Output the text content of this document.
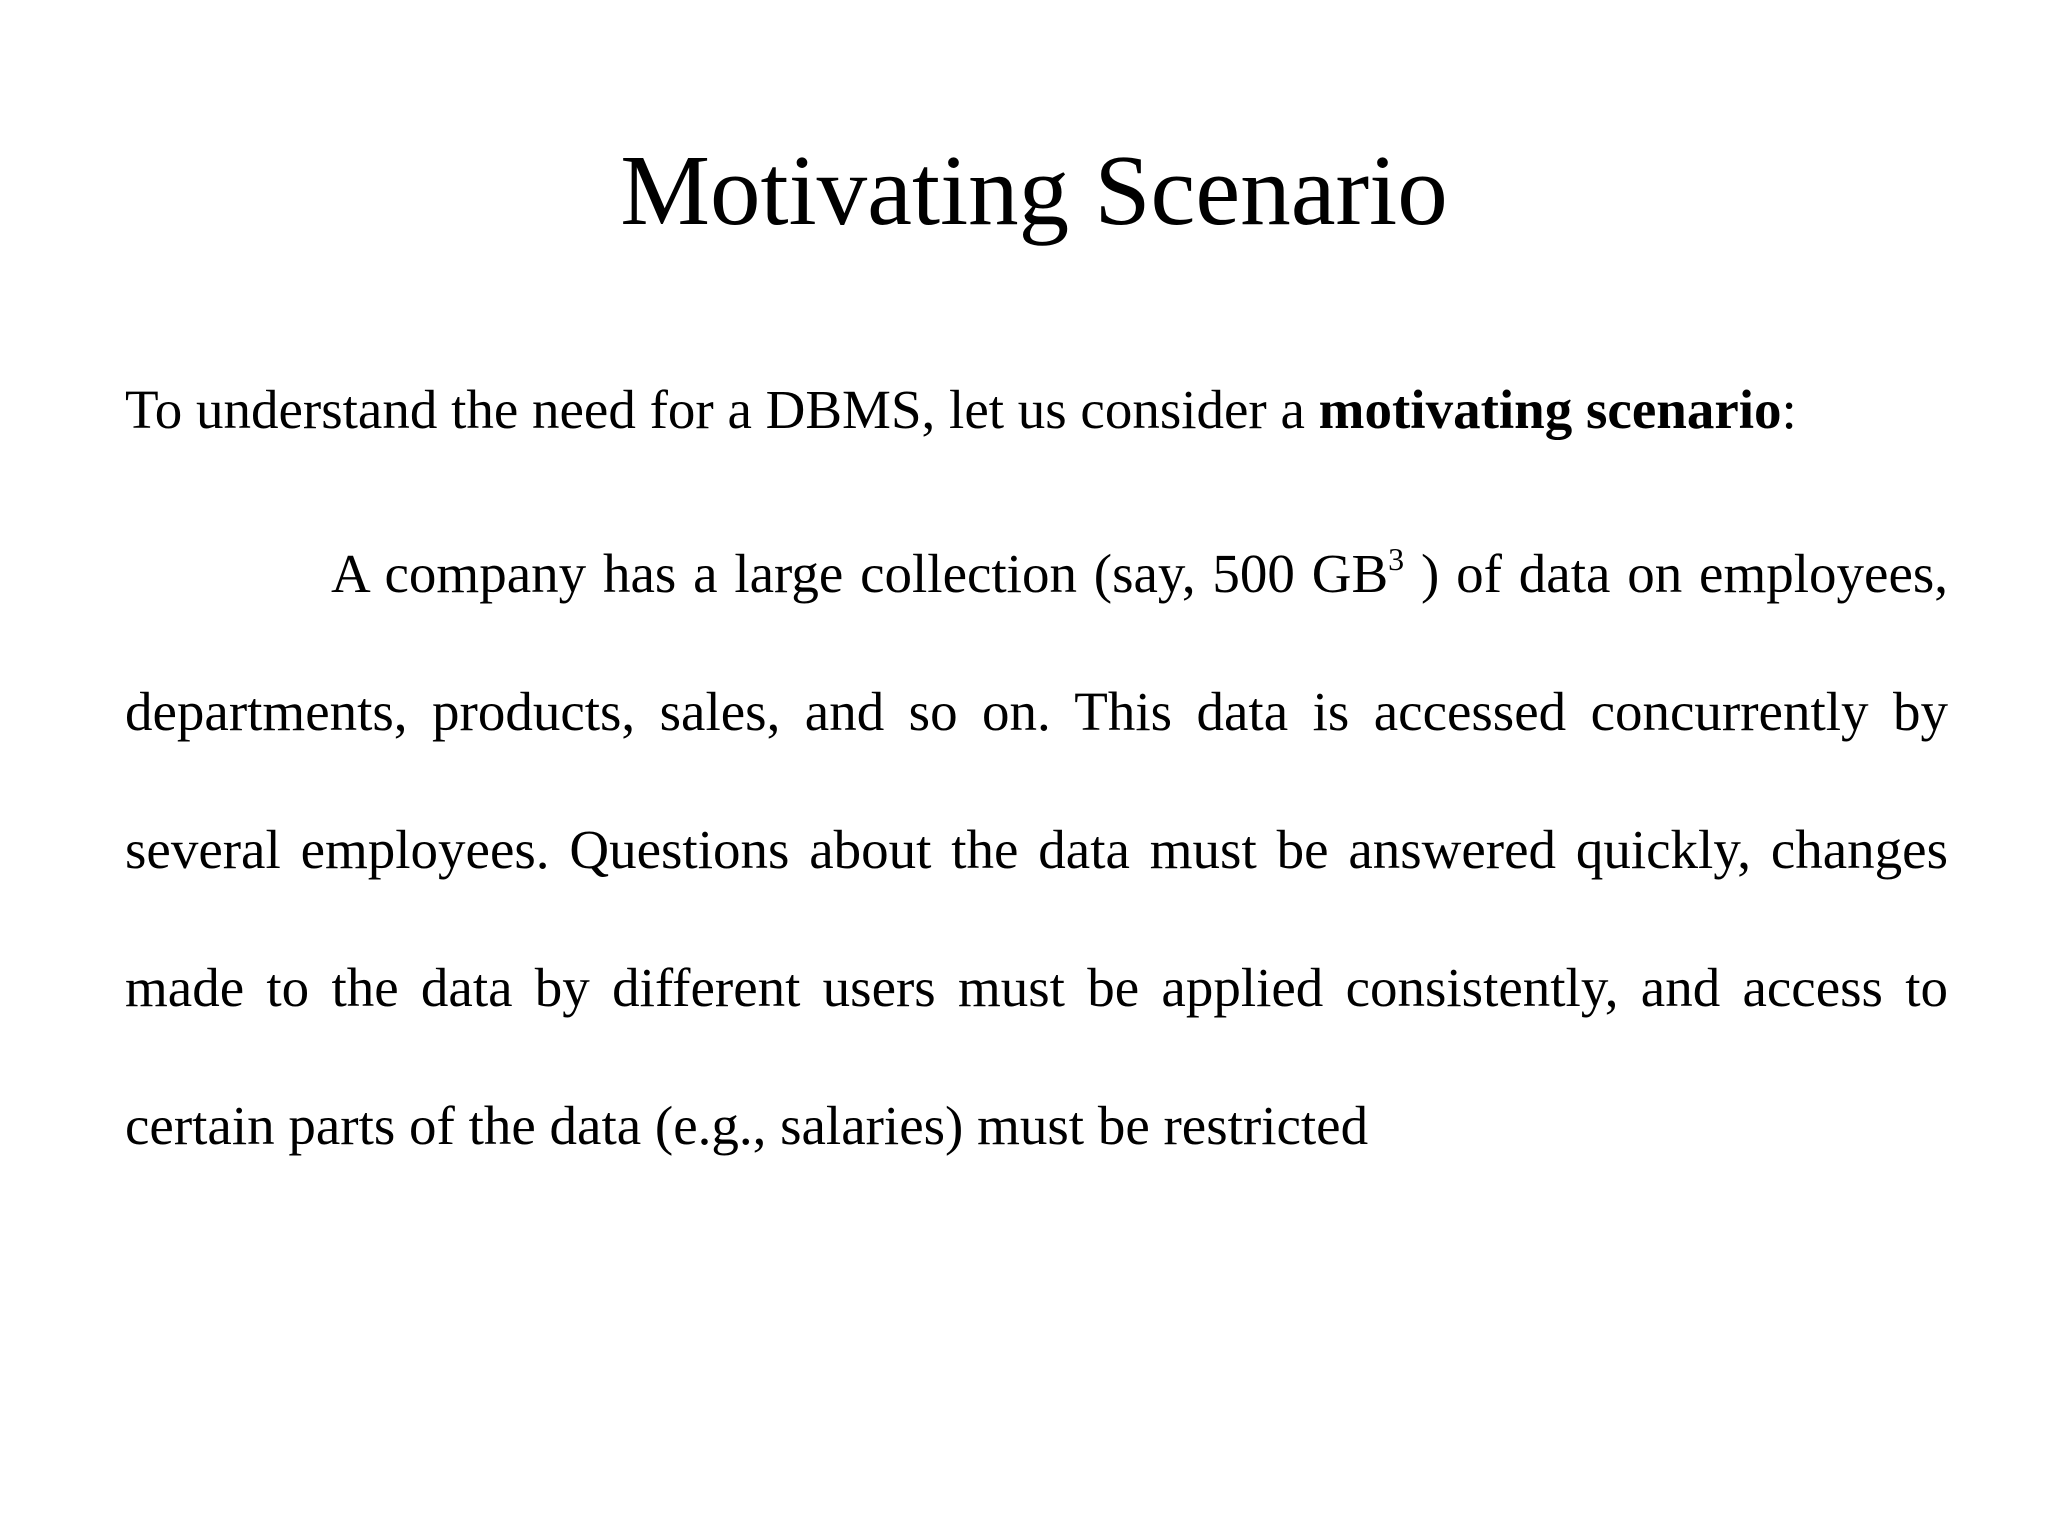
Motivating Scenario

To understand the need for a DBMS, let us consider a motivating scenario:

A company has a large collection (say, 500 $GB^3$ ) of data on employees, departments, products, sales, and so on. This data is accessed concurrently by several employees. Questions about the data must be answered quickly, changes made to the data by different users must be applied consistently, and access to certain parts of the data (e.g., salaries) must be restricted
